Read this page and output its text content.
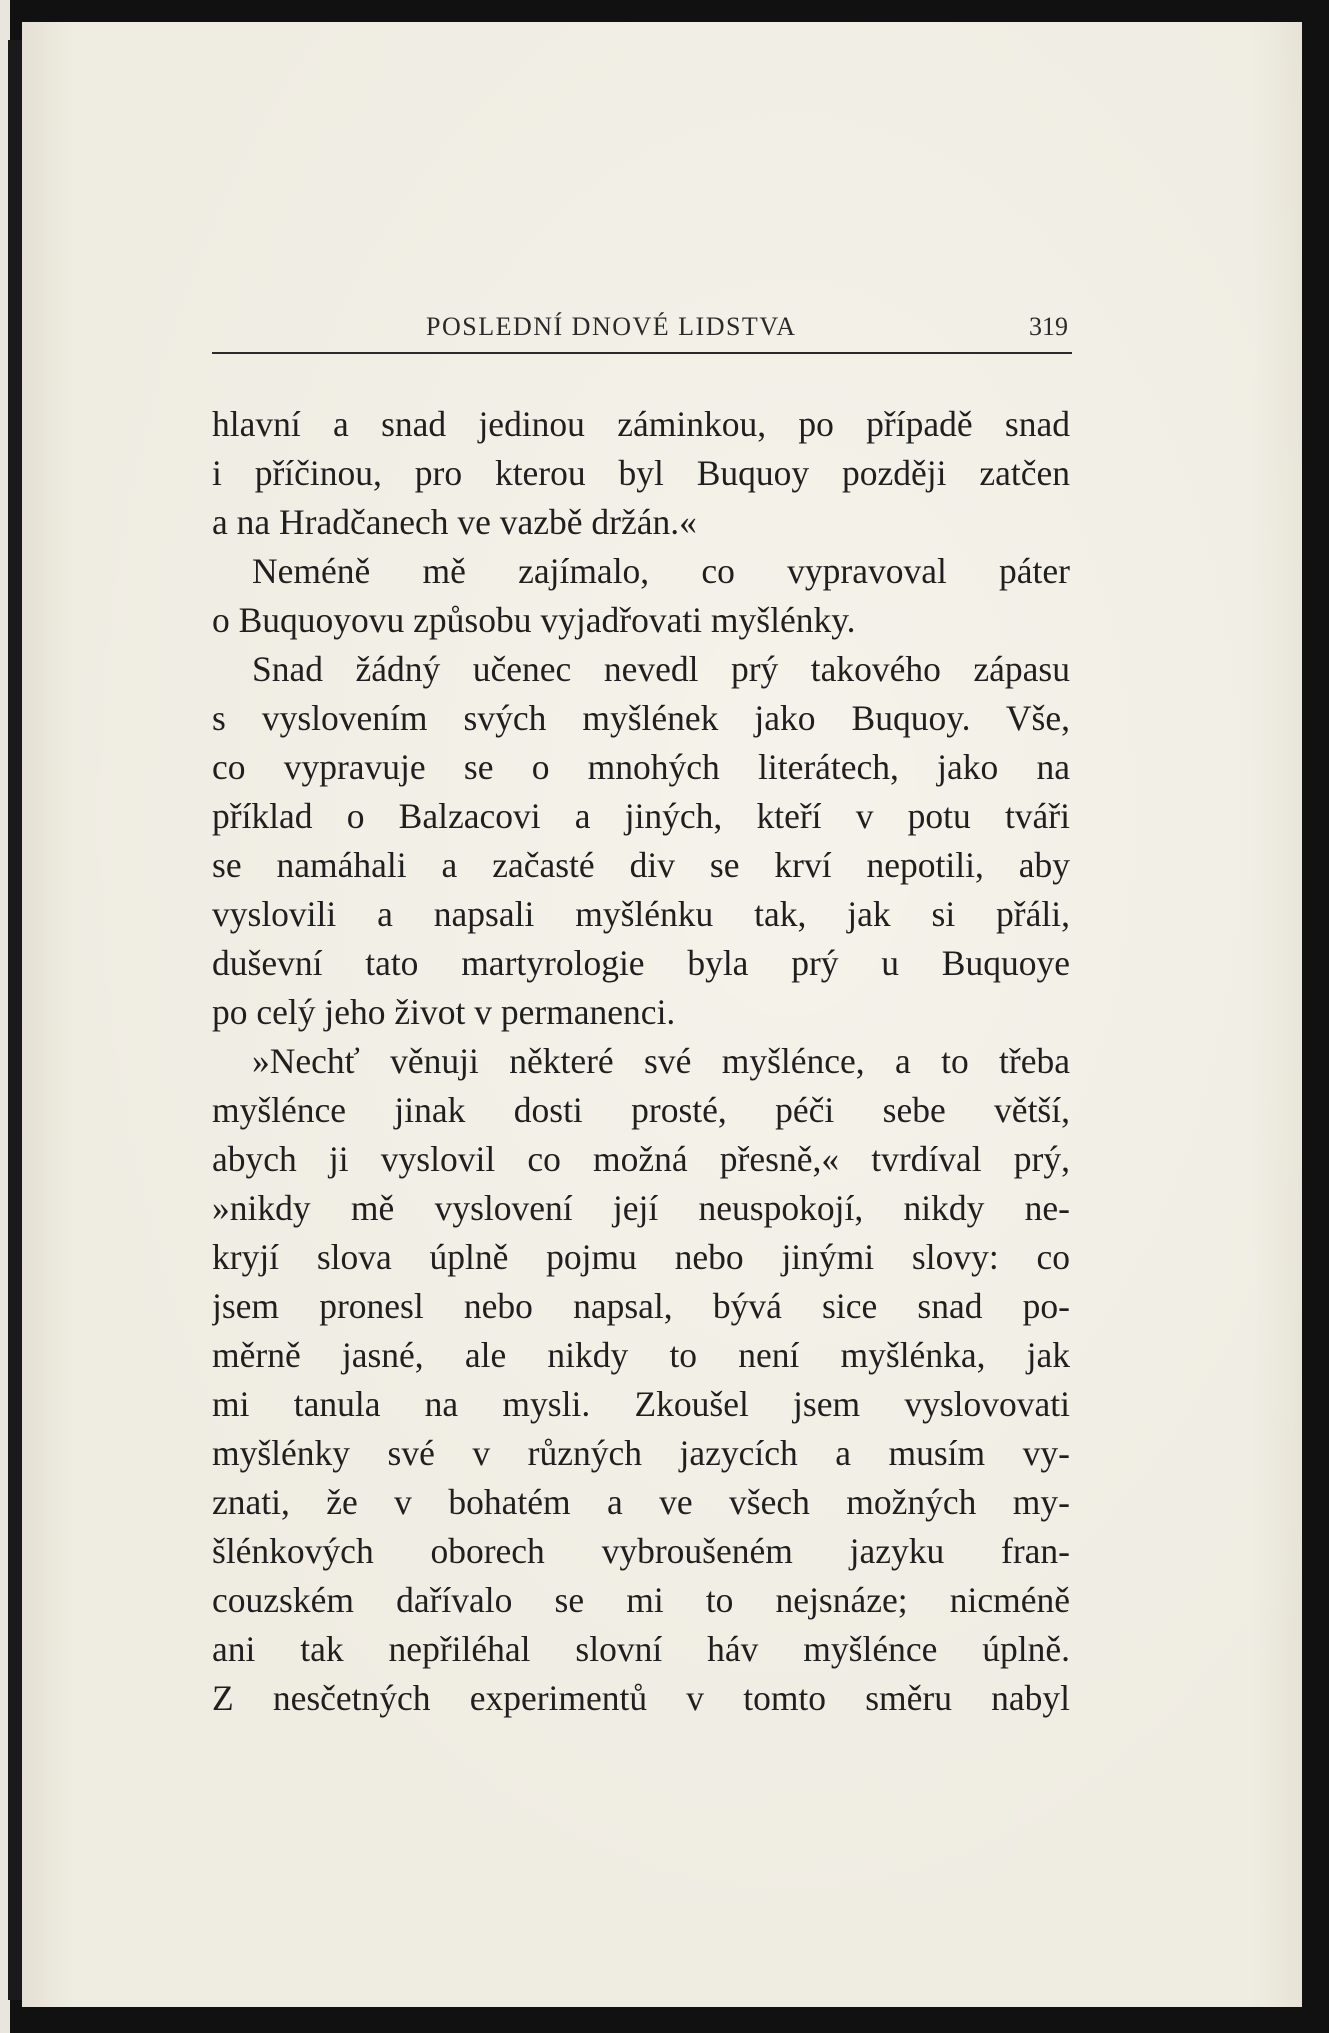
POSLEDNÍ DNOVÉ LIDSTVA	319
hlavní a snad jedinou záminkou, po případě snad
i příčinou, pro kterou byl Buquoy později zatčen
a na Hradčanech ve vazbě držán.«
Neméně mě zajímalo, co vypravoval páter
o Buquoyovu způsobu vyjadřovati myšlénky.
Snad žádný učenec nevedl prý takového zápasu
s vyslovením svých myšlének jako Buquoy. Vše,
co vypravuje se o mnohých literátech, jako na
příklad o Balzacovi a jiných, kteří v potu tváři
se namáhali a začasté div se krví nepotili, aby
vyslovili a napsali myšlénku tak, jak si přáli,
duševní tato martyrologie byla prý u Buquoye
po celý jeho život v permanenci.
»Nechť věnuji některé své myšlénce, a to třeba
myšlénce jinak dosti prosté, péči sebe větší,
abych ji vyslovil co možná přesně,« tvrdíval prý,
»nikdy mě vyslovení její neuspokojí, nikdy ne-
kryjí slova úplně pojmu nebo jinými slovy: co
jsem pronesl nebo napsal, bývá sice snad po-
měrně jasné, ale nikdy to není myšlénka, jak
mi tanula na mysli. Zkoušel jsem vyslovovati
myšlénky své v různých jazycích a musím vy-
znati, že v bohatém a ve všech možných my-
šlénkových oborech vybroušeném jazyku fran-
couzském dařívalo se mi to nejsnáze; nicméně
ani tak nepřiléhal slovní háv myšlénce úplně.
Z nesčetných experimentů v tomto směru nabyl
